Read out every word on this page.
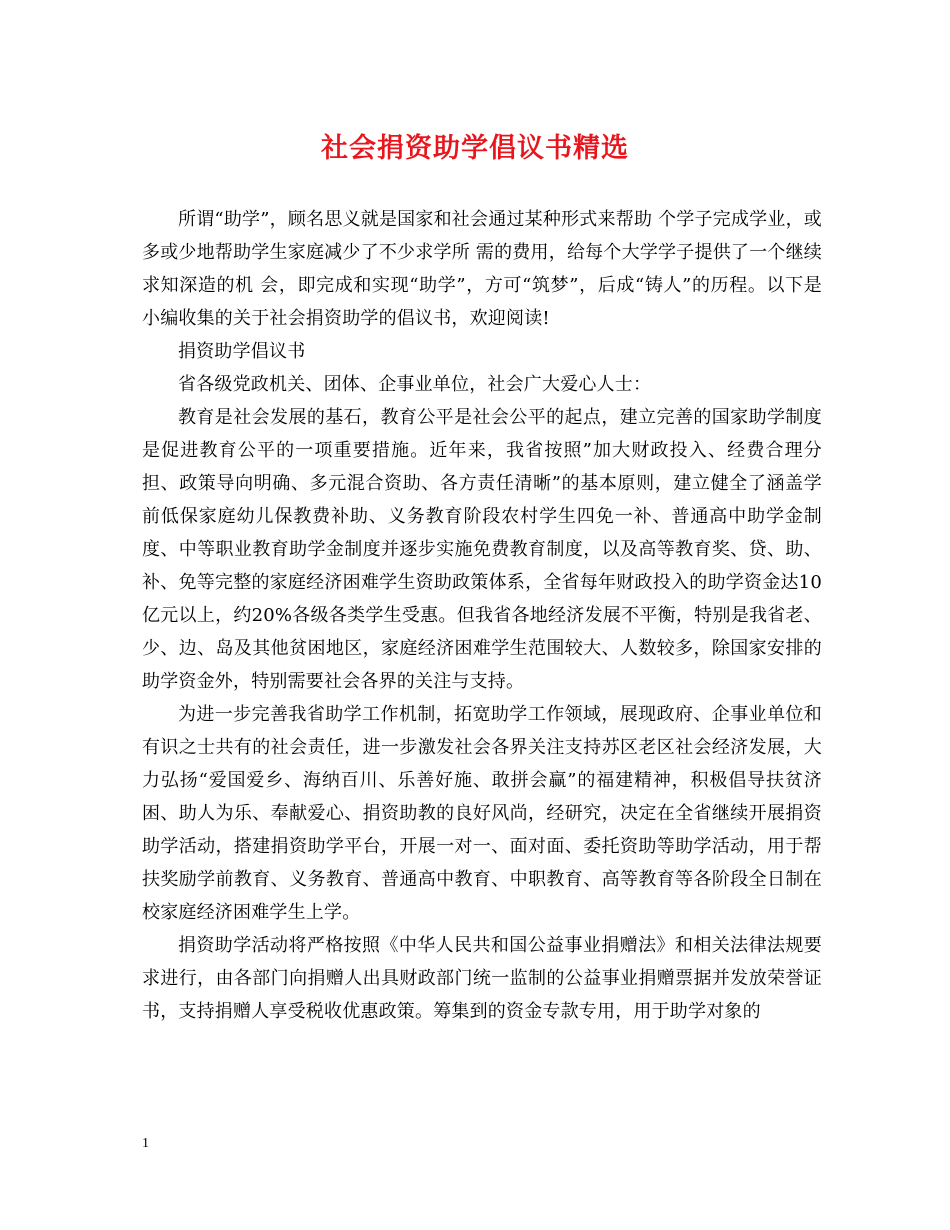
社会捐资助学倡议书精选

所谓“助学”，顾名思义就是国家和社会通过某种形式来帮助 个学子完成学业，或多或少地帮助学生家庭减少了不少求学所 需的费用，给每个大学学子提供了一个继续求知深造的机 会，即完成和实现“助学”，方可“筑梦”，后成“铸人”的历程。以下是小编收集的关于社会捐资助学的倡议书，欢迎阅读!

捐资助学倡议书

省各级党政机关、团体、企事业单位，社会广大爱心人士：

教育是社会发展的基石，教育公平是社会公平的起点，建立完善的国家助学制度是促进教育公平的一项重要措施。近年来，我省按照”加大财政投入、经费合理分担、政策导向明确、多元混合资助、各方责任清晰”的基本原则，建立健全了涵盖学前低保家庭幼儿保教费补助、义务教育阶段农村学生四免一补、普通高中助学金制度、中等职业教育助学金制度并逐步实施免费教育制度，以及高等教育奖、贷、助、补、免等完整的家庭经济困难学生资助政策体系，全省每年财政投入的助学资金达10亿元以上，约20%各级各类学生受惠。但我省各地经济发展不平衡，特别是我省老、少、边、岛及其他贫困地区，家庭经济困难学生范围较大、人数较多，除国家安排的助学资金外，特别需要社会各界的关注与支持。

为进一步完善我省助学工作机制，拓宽助学工作领域，展现政府、企事业单位和有识之士共有的社会责任，进一步激发社会各界关注支持苏区老区社会经济发展，大力弘扬“爱国爱乡、海纳百川、乐善好施、敢拼会赢”的福建精神，积极倡导扶贫济困、助人为乐、奉献爱心、捐资助教的良好风尚，经研究，决定在全省继续开展捐资助学活动，搭建捐资助学平台，开展一对一、面对面、委托资助等助学活动，用于帮扶奖励学前教育、义务教育、普通高中教育、中职教育、高等教育等各阶段全日制在校家庭经济困难学生上学。

捐资助学活动将严格按照《中华人民共和国公益事业捐赠法》和相关法律法规要求进行，由各部门向捐赠人出具财政部门统一监制的公益事业捐赠票据并发放荣誉证书，支持捐赠人享受税收优惠政策。筹集到的资金专款专用，用于助学对象的

1
